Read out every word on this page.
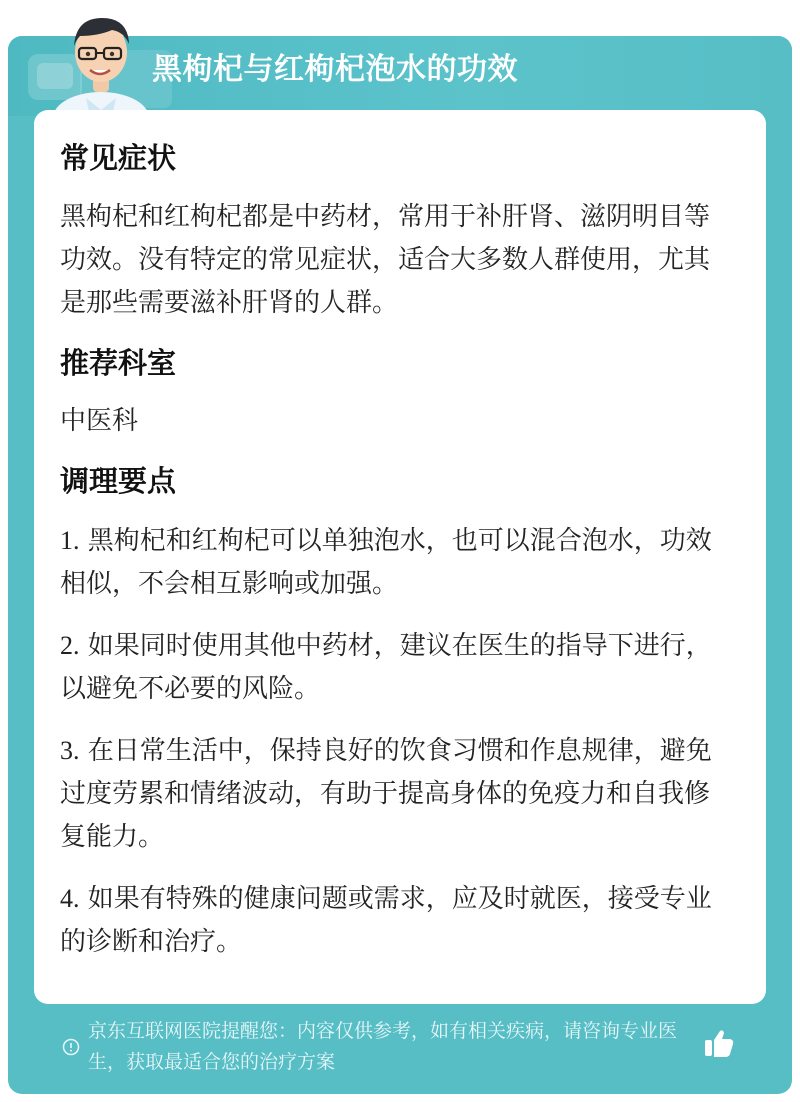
黑枸杞与红枸杞泡水的功效
常见症状

黑枸杞和红枸杞都是中药材，常用于补肝肾、滋阴明目等功效。没有特定的常见症状，适合大多数人群使用，尤其是那些需要滋补肝肾的人群。

推荐科室

中医科

调理要点

1. 黑枸杞和红枸杞可以单独泡水，也可以混合泡水，功效相似，不会相互影响或加强。

2. 如果同时使用其他中药材，建议在医生的指导下进行，以避免不必要的风险。

3. 在日常生活中，保持良好的饮食习惯和作息规律，避免过度劳累和情绪波动，有助于提高身体的免疫力和自我修复能力。

4. 如果有特殊的健康问题或需求，应及时就医，接受专业的诊断和治疗。

京东互联网医院提醒您：内容仅供参考，如有相关疾病，请咨询专业医生，获取最适合您的治疗方案
